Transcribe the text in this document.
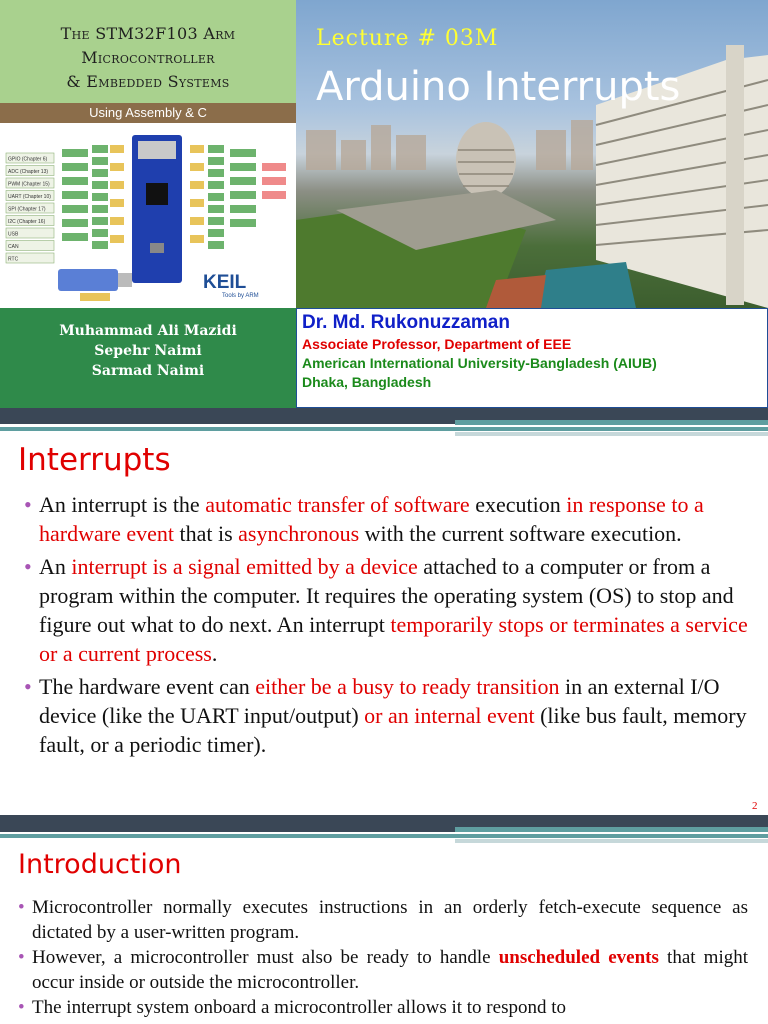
The STM32F103 Arm
Microcontroller
& Embedded Systems
Using Assembly & C
GPIO (Chapter 6)
ADC (Chapter 13)
PWM (Chapter 15)
UART (Chapter 10)
SPI (Chapter 17)
I2C (Chapter 16)
USB
CAN
RTC
KEIL
Tools by ARM
Muhammad Ali Mazidi
Sepehr Naimi
Sarmad Naimi
Lecture # 03M
Arduino Interrupts
Dr. Md. Rukonuzzaman
Associate Professor, Department of EEE
American International University-Bangladesh (AIUB)
Dhaka, Bangladesh
Interrupts
• An interrupt is the automatic transfer of software execution in response to a hardware event that is asynchronous with the current software execution.
• An interrupt is a signal emitted by a device attached to a computer or from a program within the computer. It requires the operating system (OS) to stop and figure out what to do next. An interrupt temporarily stops or terminates a service or a current process.
• The hardware event can either be a busy to ready transition in an external I/O device (like the UART input/output) or an internal event (like bus fault, memory fault, or a periodic timer).
2
Introduction
• Microcontroller normally executes instructions in an orderly fetch-execute sequence as dictated by a user-written program.
• However, a microcontroller must also be ready to handle unscheduled events that might occur inside or outside the microcontroller.
• The interrupt system onboard a microcontroller allows it to respond to
